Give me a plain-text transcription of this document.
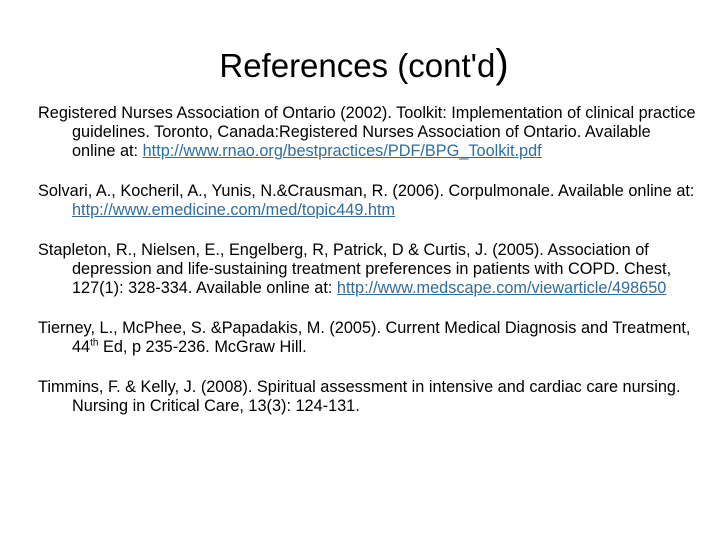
References (cont'd)
Registered Nurses Association of Ontario (2002). Toolkit: Implementation of clinical practice guidelines. Toronto, Canada:Registered Nurses Association of Ontario. Available online at: http://www.rnao.org/bestpractices/PDF/BPG_Toolkit.pdf
Solvari, A., Kocheril, A., Yunis, N.&Crausman, R. (2006). Corpulmonale. Available online at: http://www.emedicine.com/med/topic449.htm
Stapleton, R., Nielsen, E., Engelberg, R, Patrick, D & Curtis, J. (2005). Association of depression and life-sustaining treatment preferences in patients with COPD. Chest, 127(1): 328-334. Available online at: http://www.medscape.com/viewarticle/498650
Tierney, L., McPhee, S. &Papadakis, M. (2005). Current Medical Diagnosis and Treatment, 44th Ed, p 235-236. McGraw Hill.
Timmins, F. & Kelly, J. (2008). Spiritual assessment in intensive and cardiac care nursing. Nursing in Critical Care, 13(3): 124-131.
